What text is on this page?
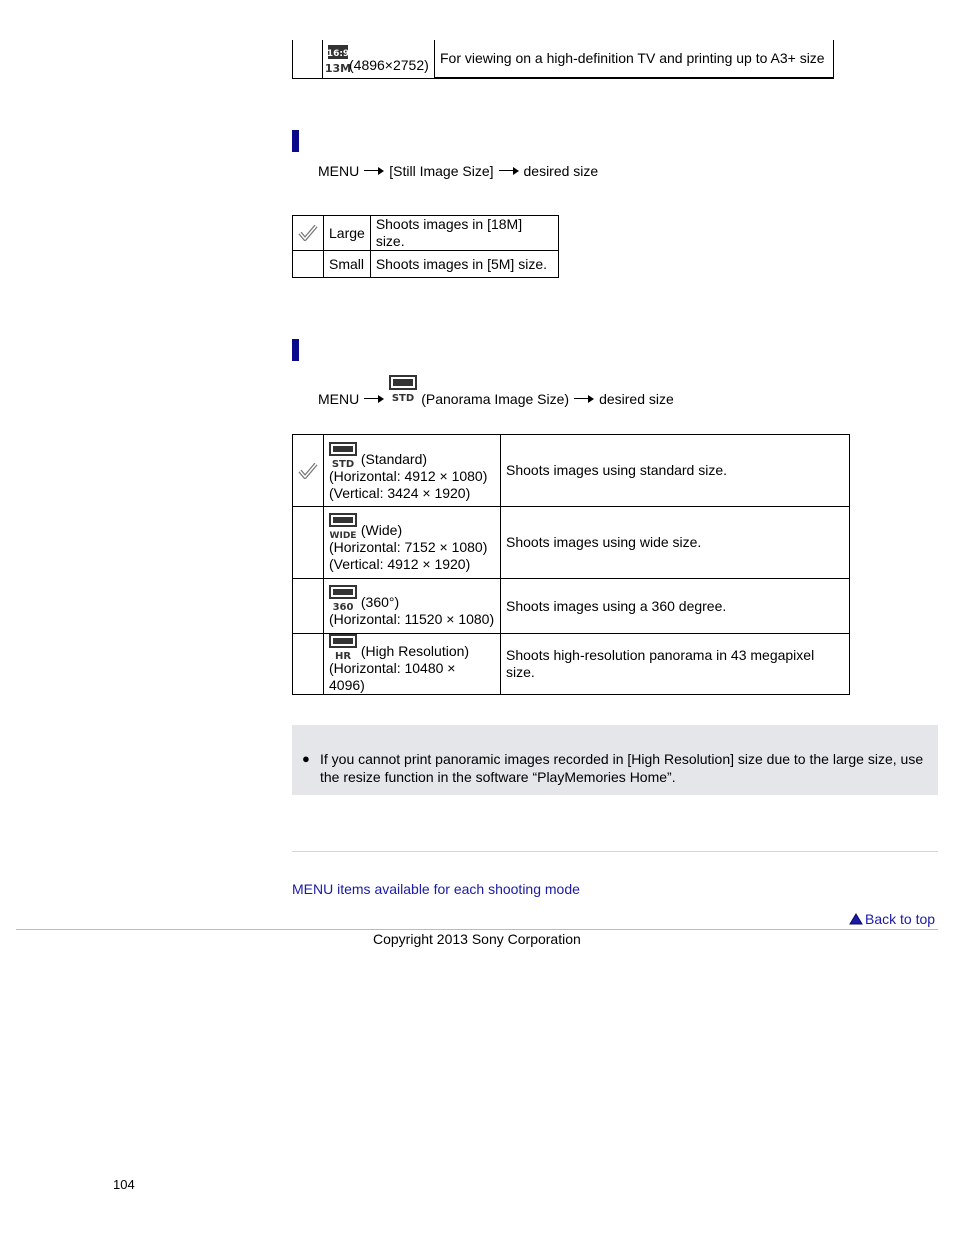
16:9
13M
(4896×2752)	For viewing on a high-definition TV and printing up to A3+ size
MENU [Still Image Size] desired size
	Large	Shoots images in [18M] size.
	Small	Shoots images in [5M] size.
MENU	STD (Panorama Image Size) desired size

STD (Standard)
(Horizontal: 4912 × 1080)
(Vertical: 3424 × 1920)	Shoots images using standard size.

WIDE (Wide)
(Horizontal: 7152 × 1080)
(Vertical: 4912 × 1920)	Shoots images using wide size.

360 (360°)
(Horizontal: 11520 × 1080)	Shoots images using a 360 degree.

HR (High Resolution)
(Horizontal: 10480 × 4096)	Shoots high-resolution panorama in 43 megapixel size.
● If you cannot print panoramic images recorded in [High Resolution] size due to the large size, use the resize function in the software “PlayMemories Home”.
MENU items available for each shooting mode
Back to top
Copyright 2013 Sony Corporation
104
